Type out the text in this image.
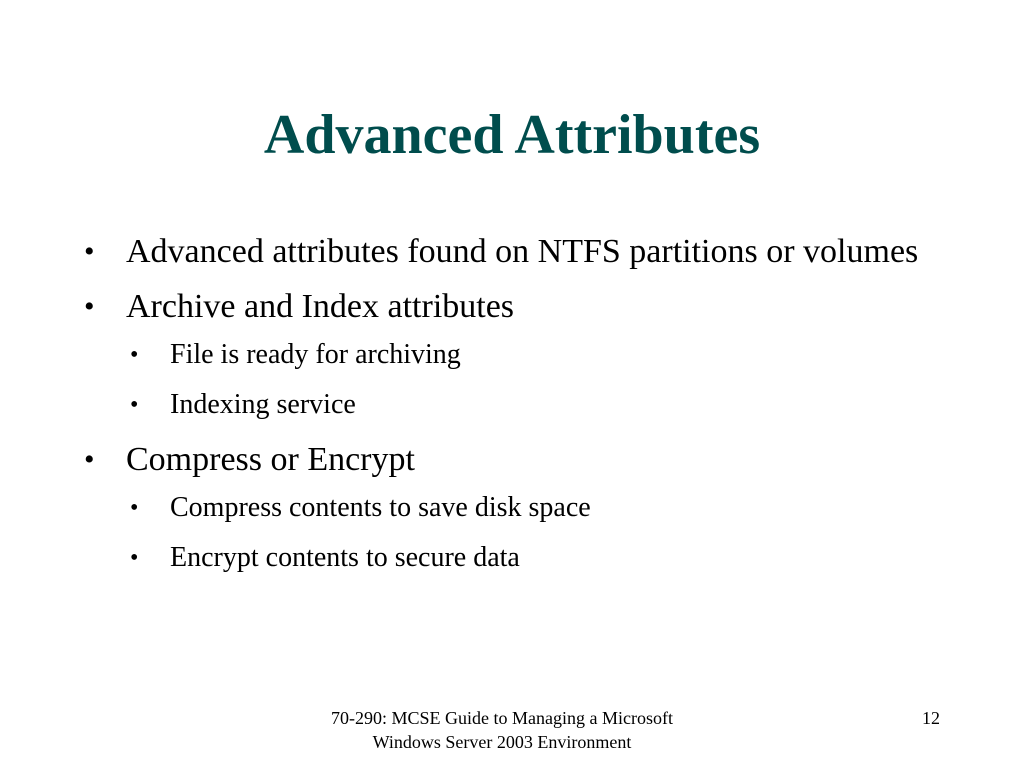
Advanced Attributes
• Advanced attributes found on NTFS partitions or volumes
• Archive and Index attributes
• File is ready for archiving
• Indexing service
• Compress or Encrypt
• Compress contents to save disk space
• Encrypt contents to secure data
70-290: MCSE Guide to Managing a Microsoft
Windows Server 2003 Environment
12
